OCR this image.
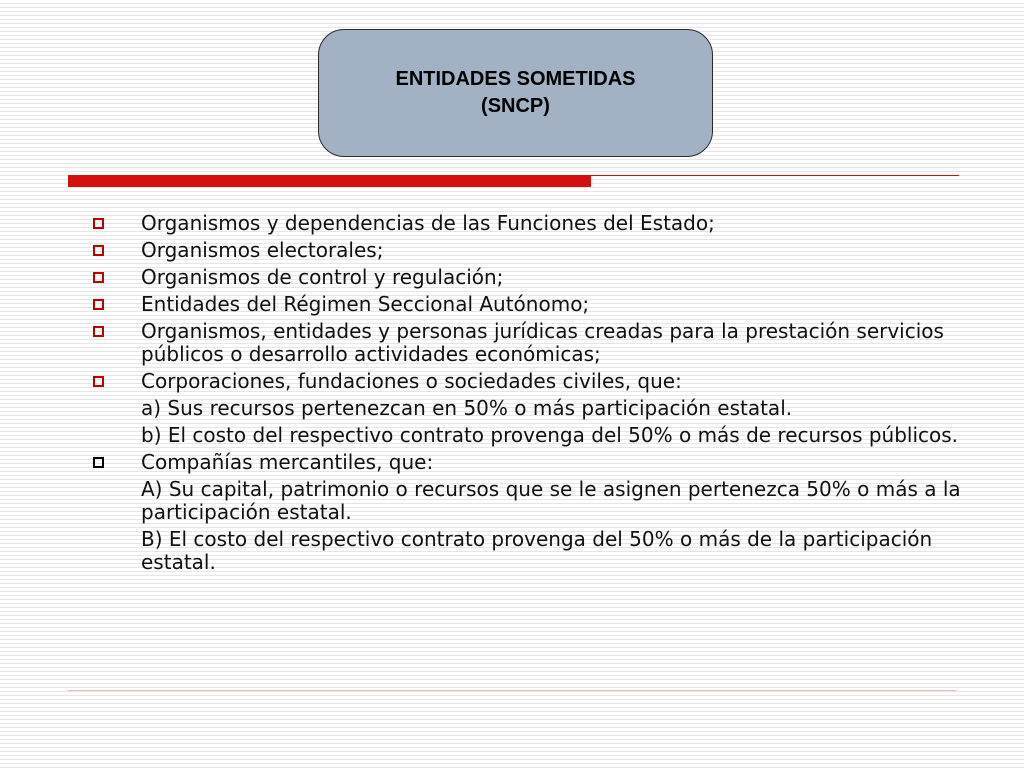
ENTIDADES SOMETIDAS
(SNCP)
Organismos y dependencias de las Funciones del Estado;
Organismos electorales;
Organismos de control y regulación;
Entidades del Régimen Seccional Autónomo;
Organismos, entidades y personas jurídicas creadas para la prestación servicios públicos o desarrollo actividades económicas;
Corporaciones, fundaciones o sociedades civiles, que:
a) Sus recursos pertenezcan en 50% o más participación estatal.
b) El costo del respectivo contrato provenga del 50% o más de recursos públicos.
Compañías mercantiles, que:
A) Su capital, patrimonio o recursos que se le asignen pertenezca 50% o más a la participación estatal.
B) El costo del respectivo contrato provenga del 50% o más de la participación estatal.
